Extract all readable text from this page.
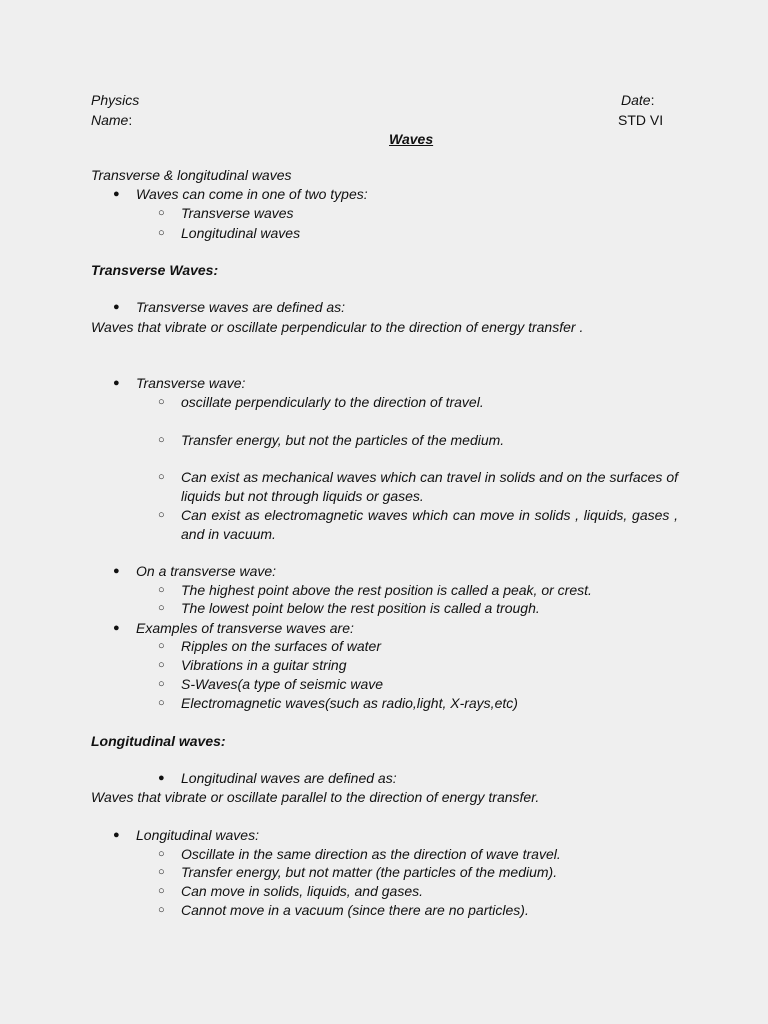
Physics	Date:
Name:	STD VI
Waves
Transverse & longitudinal waves
● Waves can come in one of two types:
○ Transverse waves
○ Longitudinal waves
Transverse Waves:
● Transverse waves are defined as:
Waves that vibrate or oscillate perpendicular to the direction of energy transfer .
● Transverse wave:
○ oscillate perpendicularly to the direction of travel.
○ Transfer energy, but not the particles of the medium.
○ Can exist as mechanical waves which can travel in solids and on the surfaces of liquids but not through liquids or gases.
○ Can exist as electromagnetic waves which can move in solids , liquids, gases , and in vacuum.
● On a transverse wave:
○ The highest point above the rest position is called a peak, or crest.
○ The lowest point below the rest position is called a trough.
● Examples of transverse waves are:
○ Ripples on the surfaces of water
○ Vibrations in a guitar string
○ S-Waves(a type of seismic wave
○ Electromagnetic waves(such as radio,light, X-rays,etc)
Longitudinal waves:
● Longitudinal waves are defined as:
Waves that vibrate or oscillate parallel to the direction of energy transfer.
● Longitudinal waves:
○ Oscillate in the same direction as the direction of wave travel.
○ Transfer energy, but not matter (the particles of the medium).
○ Can move in solids, liquids, and gases.
○ Cannot move in a vacuum (since there are no particles).
